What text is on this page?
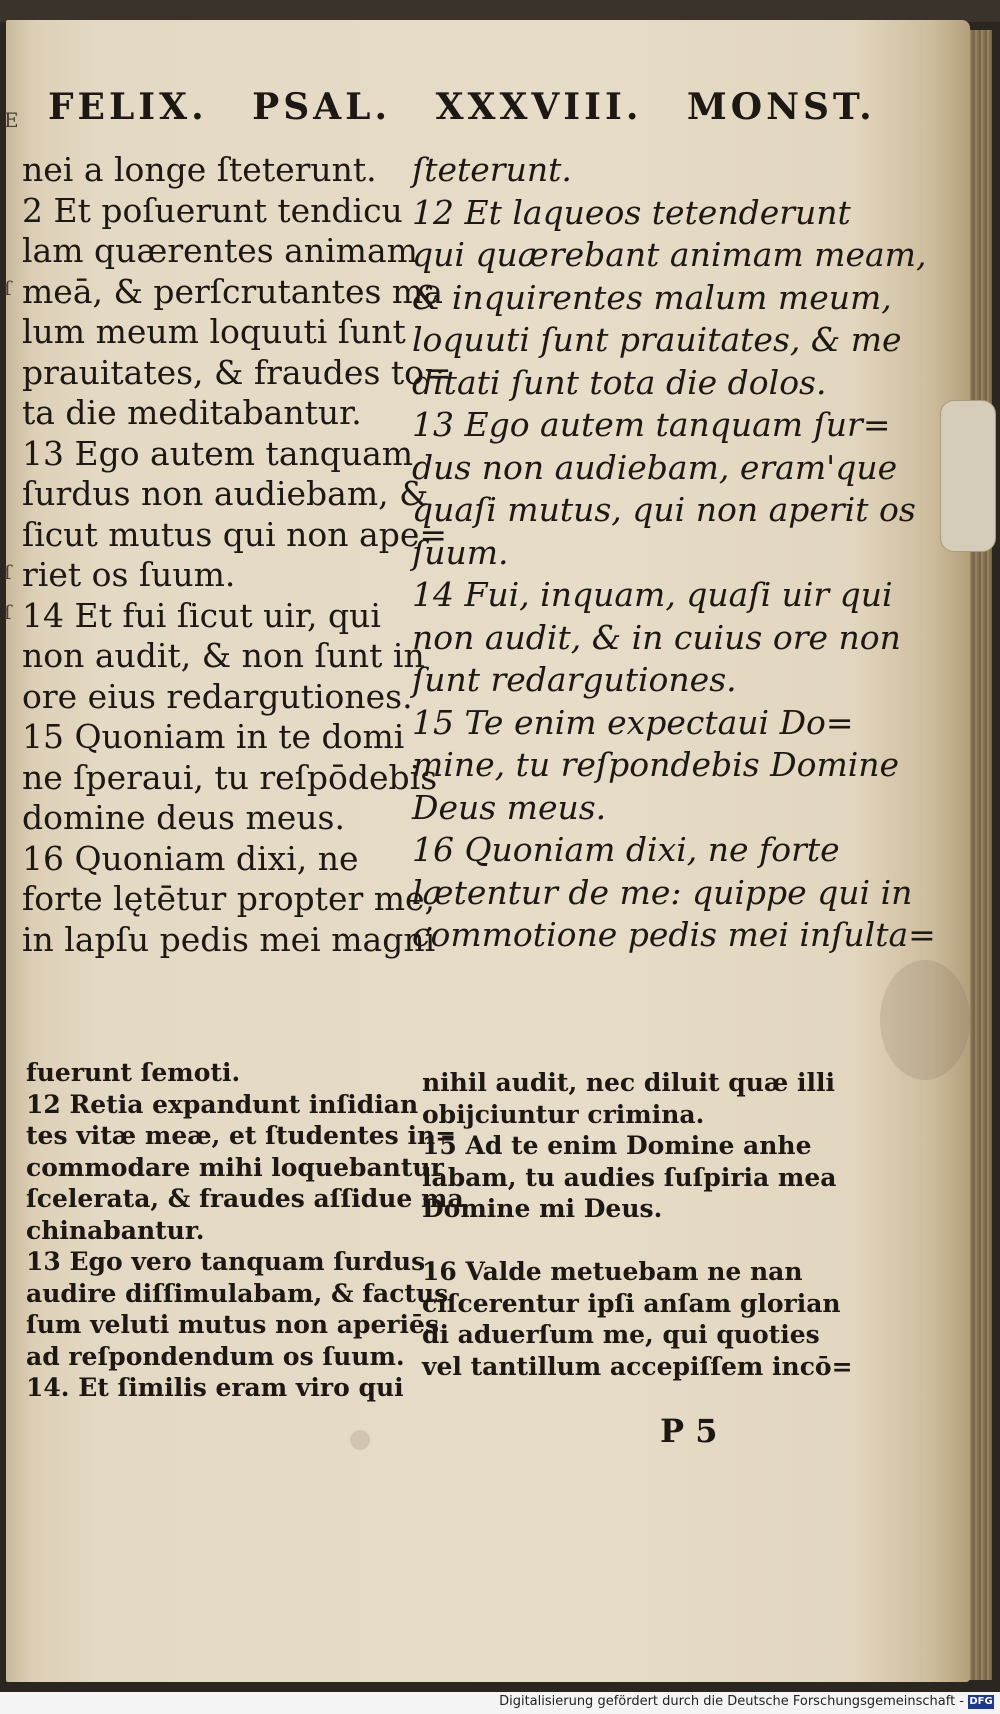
E
ſ
ſ
ſ
FELIX. PSAL. XXXVIII. MONST.
nei a longe ſteterunt.
2 Et poſuerunt tendicu
lam quærentes animam
meā, & perſcrutantes ma
lum meum loquuti ſunt
prauitates, & fraudes to=
ta die meditabantur.
13 Ego autem tanquam
ſurdus non audiebam, &
ſicut mutus qui non ape=
riet os ſuum.
14 Et fui ſicut uir, qui
non audit, & non ſunt in
ore eius redargutiones.
15 Quoniam in te domi
ne ſperaui, tu reſpōdebis
domine deus meus.
16 Quoniam dixi, ne
forte lętētur propter me,
in lapſu pedis mei magni
ſteterunt.
12 Et laqueos tetenderunt
qui quærebant animam meam,
& inquirentes malum meum,
loquuti ſunt prauitates, & me
ditati ſunt tota die dolos.
13 Ego autem tanquam ſur=
dus non audiebam, eram'que
quaſi mutus, qui non aperit os
ſuum.
14 Fui, inquam, quaſi uir qui
non audit, & in cuius ore non
ſunt redargutiones.
15 Te enim expectaui Do=
mine, tu reſpondebis Domine
Deus meus.
16 Quoniam dixi, ne forte
lætentur de me: quippe qui in
commotione pedis mei inſulta=
fuerunt ſemoti.
12 Retia expandunt inſidian
tes vitæ meæ, et ſtudentes in=
commodare mihi loquebantur
ſcelerata, & fraudes aſſidue ma
chinabantur.
13 Ego vero tanquam ſurdus
audire diſſimulabam, & factus
ſum veluti mutus non aperiēs
ad reſpondendum os ſuum.
14. Et ſimilis eram viro qui
nihil audit, nec diluit quæ illi
obijciuntur crimina.
15 Ad te enim Domine anhe
labam, tu audies ſuſpiria mea
Domine mi Deus.
16 Valde metuebam ne nan
ciſcerentur ipſi anſam glorian
di aduerſum me, qui quoties
vel tantillum accepiſſem incō=
P 5
Digitalisierung gefördert durch die Deutsche Forschungsgemeinschaft - DFG
